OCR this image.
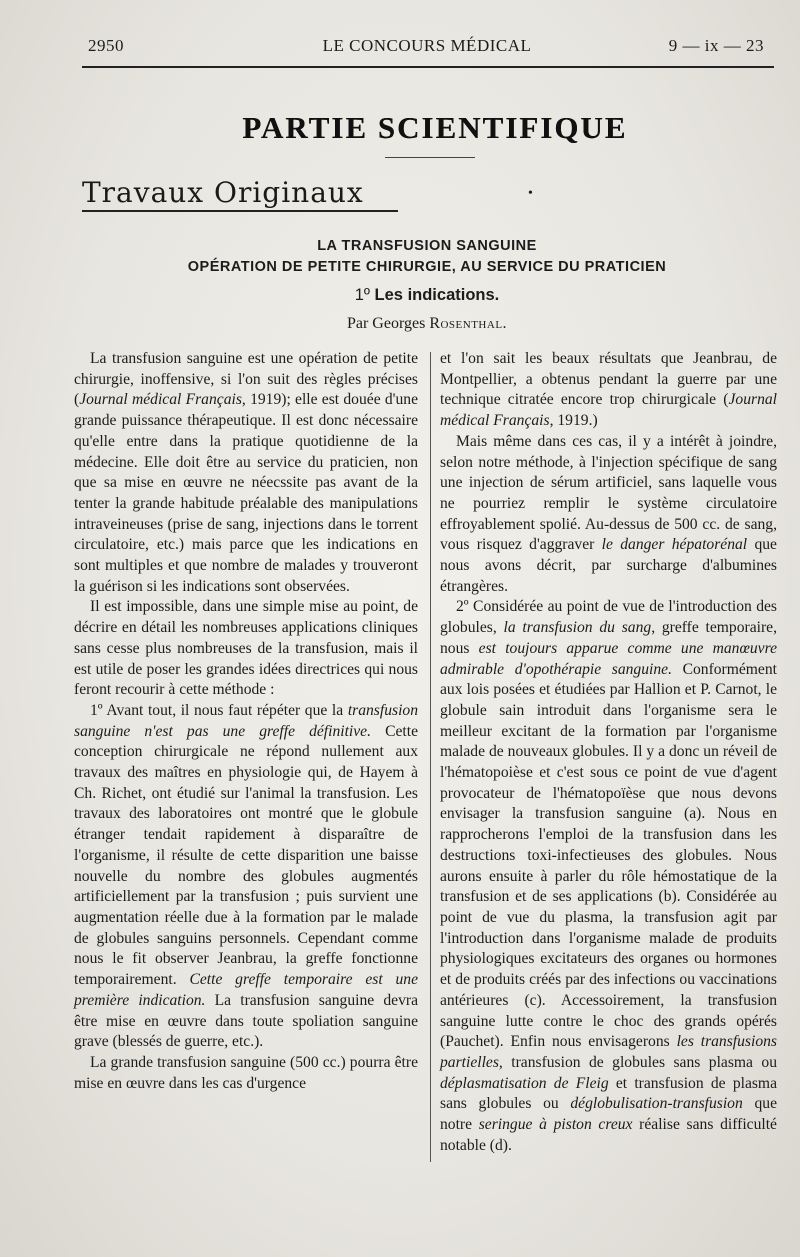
2950	LE CONCOURS MÉDICAL	9 — ix — 23
PARTIE SCIENTIFIQUE
Travaux Originaux	•
LA TRANSFUSION SANGUINE
OPÉRATION DE PETITE CHIRURGIE, AU SERVICE DU PRATICIEN
1º Les indications.
Par Georges Rosenthal.

La transfusion sanguine est une opération de petite chirurgie, inoffensive, si l'on suit des règles précises (Journal médical Français, 1919); elle est douée d'une grande puissance thérapeutique. Il est donc nécessaire qu'elle entre dans la pratique quotidienne de la médecine. Elle doit être au service du praticien, non que sa mise en œuvre ne néecssite pas avant de la tenter la grande habitude préalable des manipulations intraveineuses (prise de sang, injections dans le torrent circulatoire, etc.) mais parce que les indications en sont multiples et que nombre de malades y trouveront la guérison si les indications sont observées.

Il est impossible, dans une simple mise au point, de décrire en détail les nombreuses applications cliniques sans cesse plus nombreuses de la transfusion, mais il est utile de poser les grandes idées directrices qui nous feront recourir à cette méthode :

1º Avant tout, il nous faut répéter que la transfusion sanguine n'est pas une greffe définitive. Cette conception chirurgicale ne répond nullement aux travaux des maîtres en physiologie qui, de Hayem à Ch. Richet, ont étudié sur l'animal la transfusion. Les travaux des laboratoires ont montré que le globule étranger tendait rapidement à disparaître de l'organisme, il résulte de cette disparition une baisse nouvelle du nombre des globules augmentés artificiellement par la transfusion ; puis survient une augmentation réelle due à la formation par le malade de globules sanguins personnels. Cependant comme nous le fit observer Jeanbrau, la greffe fonctionne temporairement. Cette greffe temporaire est une première indication. La transfusion sanguine devra être mise en œuvre dans toute spoliation sanguine grave (blessés de guerre, etc.).

La grande transfusion sanguine (500 cc.) pourra être mise en œuvre dans les cas d'urgence

et l'on sait les beaux résultats que Jeanbrau, de Montpellier, a obtenus pendant la guerre par une technique citratée encore trop chirurgicale (Journal médical Français, 1919.)

Mais même dans ces cas, il y a intérêt à joindre, selon notre méthode, à l'injection spécifique de sang une injection de sérum artificiel, sans laquelle vous ne pourriez remplir le système circulatoire effroyablement spolié. Au-dessus de 500 cc. de sang, vous risquez d'aggraver le danger hépatorénal que nous avons décrit, par surcharge d'albumines étrangères.

2º Considérée au point de vue de l'introduction des globules, la transfusion du sang, greffe temporaire, nous est toujours apparue comme une manœuvre admirable d'opothérapie sanguine. Conformément aux lois posées et étudiées par Hallion et P. Carnot, le globule sain introduit dans l'organisme sera le meilleur excitant de la formation par l'organisme malade de nouveaux globules. Il y a donc un réveil de l'hématopoièse et c'est sous ce point de vue d'agent provocateur de l'hématopoïèse que nous devons envisager la transfusion sanguine (a). Nous en rapprocherons l'emploi de la transfusion dans les destructions toxi-infectieuses des globules. Nous aurons ensuite à parler du rôle hémostatique de la transfusion et de ses applications (b). Considérée au point de vue du plasma, la transfusion agit par l'introduction dans l'organisme malade de produits physiologiques excitateurs des organes ou hormones et de produits créés par des infections ou vaccinations antérieures (c). Accessoirement, la transfusion sanguine lutte contre le choc des grands opérés (Pauchet). Enfin nous envisagerons les transfusions partielles, transfusion de globules sans plasma ou déplasmatisation de Fleig et transfusion de plasma sans globules ou déglobulisation-transfusion que notre seringue à piston creux réalise sans difficulté notable (d).
